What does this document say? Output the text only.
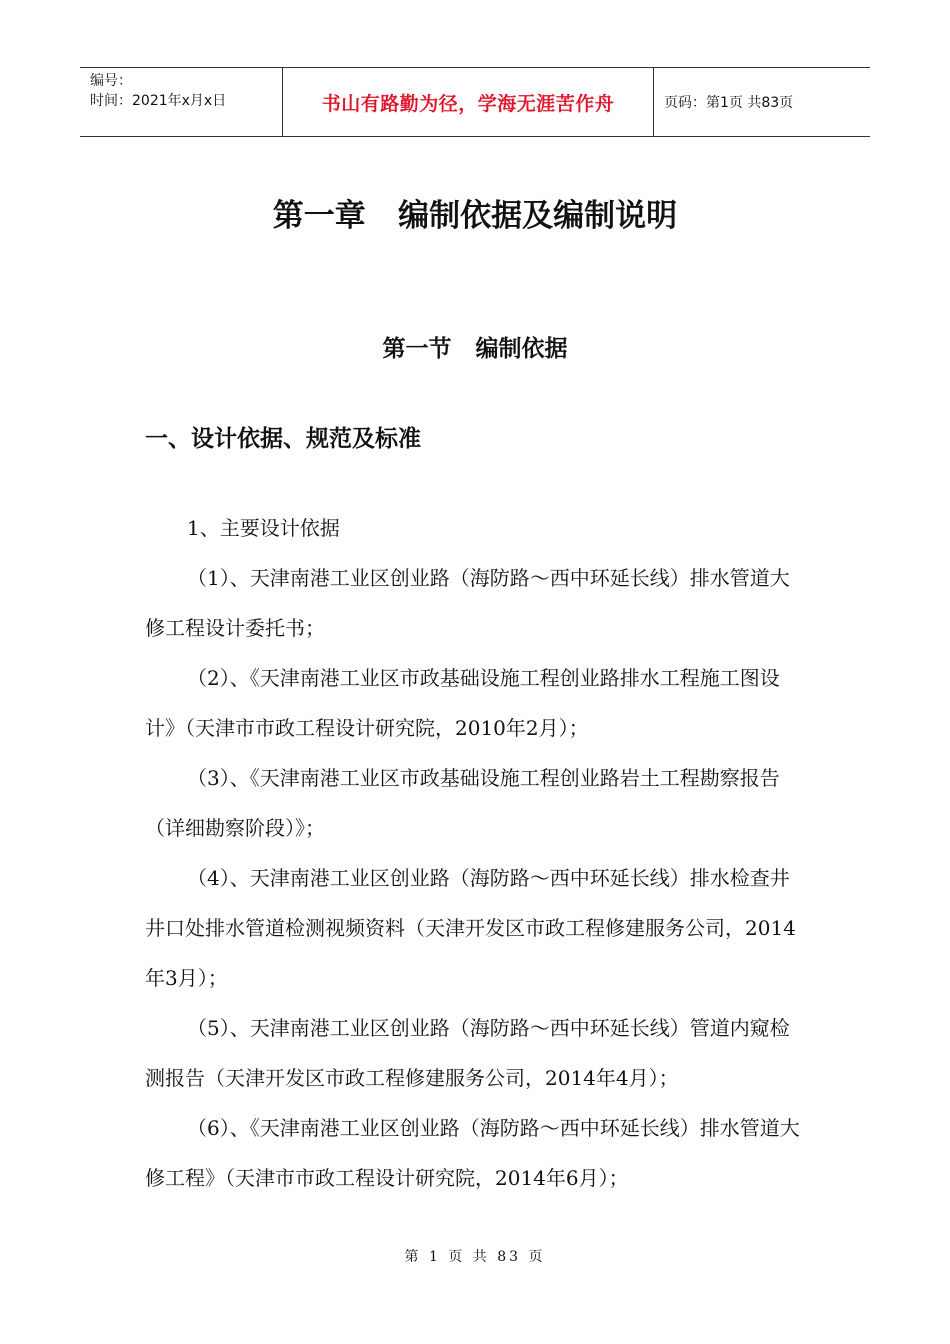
编号：
时间：2021年x月x日	书山有路勤为径，学海无涯苦作舟	页码：第1页 共83页
第一章   编制依据及编制说明
第一节   编制依据
一、设计依据、规范及标准

1、主要设计依据

（1）、天津南港工业区创业路（海防路～西中环延长线）排水管道大修工程设计委托书；

（2）、《天津南港工业区市政基础设施工程创业路排水工程施工图设计》（天津市市政工程设计研究院，2010年2月）；

（3）、《天津南港工业区市政基础设施工程创业路岩土工程勘察报告（详细勘察阶段）》；

（4）、天津南港工业区创业路（海防路～西中环延长线）排水检查井井口处排水管道检测视频资料（天津开发区市政工程修建服务公司，2014年3月）；

（5）、天津南港工业区创业路（海防路～西中环延长线）管道内窥检测报告（天津开发区市政工程修建服务公司，2014年4月）；

（6）、《天津南港工业区创业路（海防路～西中环延长线）排水管道大修工程》（天津市市政工程设计研究院，2014年6月）；

第 1 页 共 83 页
